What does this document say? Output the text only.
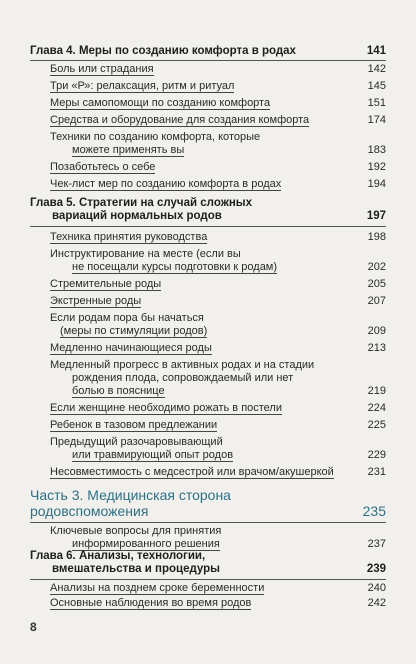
Глава 4. Меры по созданию комфорта в родах	141
Боль или страдания	142
Три «Р»: релаксация, ритм и ритуал	145
Меры самопомощи по созданию комфорта	151
Средства и оборудование для создания комфорта	174
Техники по созданию комфорта, которые
можете применять вы	183
Позаботьтесь о себе	192
Чек-лист мер по созданию комфорта в родах	194
Глава 5. Стратегии на случай сложных
вариаций нормальных родов	197
Техника принятия руководства	198
Инструктирование на месте (если вы
не посещали курсы подготовки к родам)	202
Стремительные роды	205
Экстренные роды	207
Если родам пора бы начаться
(меры по стимуляции родов)	209
Медленно начинающиеся роды	213
Медленный прогресс в активных родах и на стадии
рождения плода, сопровождаемый или нет
болью в пояснице	219
Если женщине необходимо рожать в постели	224
Ребенок в тазовом предлежании	225
Предыдущий разочаровывающий
или травмирующий опыт родов	229
Несовместимость с медсестрой или врачом/акушеркой	231
Часть 3. Медицинская сторона
родовспоможения	235
Ключевые вопросы для принятия
информированного решения	237
Глава 6. Анализы, технологии,
вмешательства и процедуры	239
Анализы на позднем сроке беременности	240
Основные наблюдения во время родов	242
8
